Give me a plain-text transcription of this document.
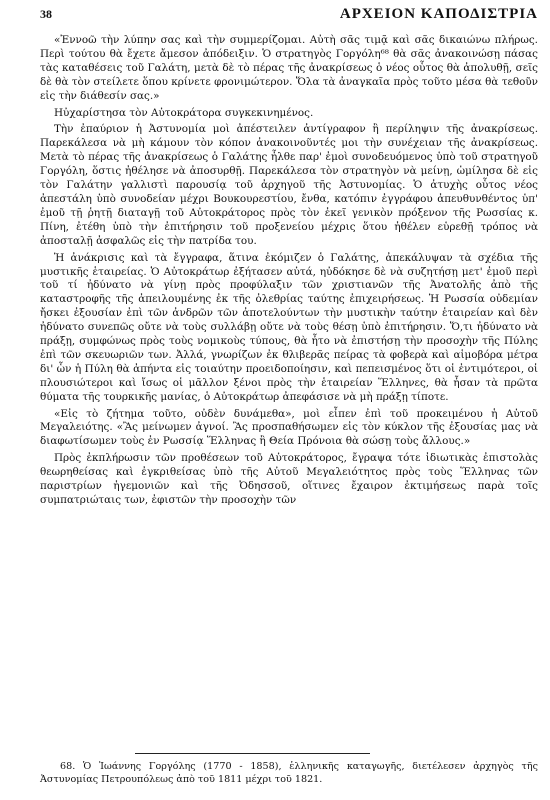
38	ΑΡΧΕΙΟΝ ΚΑΠΟΔΙΣΤΡΙΑ

«Ἐννοῶ τὴν λύπην σας καὶ τὴν συμμερίζομαι. Αὐτὴ σᾶς τιμᾷ καὶ σᾶς δικαιώνω πλήρως. Περὶ τούτου θὰ ἔχετε ἄμεσον ἀπόδειξιν. Ὁ στρατηγὸς Γοργόλη⁶⁸ θὰ σᾶς ἀνακοινώσῃ πάσας τὰς καταθέσεις τοῦ Γαλάτη, μετὰ δὲ τὸ πέρας τῆς ἀνακρίσεως ὁ νέος οὗτος θὰ ἀπολυθῇ, σεῖς δὲ θὰ τὸν στείλετε ὅπου κρίνετε φρονιμώτερον. Ὅλα τὰ ἀναγκαῖα πρὸς τοῦτο μέσα θὰ τεθοῦν εἰς τὴν διάθεσίν σας.»

Ηὐχαρίστησα τὸν Αὐτοκράτορα συγκεκινημένος.

Τὴν ἐπαύριον ἡ Ἀστυνομία μοὶ ἀπέστειλεν ἀντίγραφον ἢ περίληψιν τῆς ἀνακρίσεως. Παρεκάλεσα νὰ μὴ κάμουν τὸν κόπον ἀνακοινοῦντές μοι τὴν συνέχειαν τῆς ἀνακρίσεως. Μετὰ τὸ πέρας τῆς ἀνακρίσεως ὁ Γαλάτης ἦλθε παρ' ἐμοὶ συνοδευόμενος ὑπὸ τοῦ στρατηγοῦ Γοργόλη, ὅστις ἠθέλησε νὰ ἀποσυρθῇ. Παρεκάλεσα τὸν στρατηγὸν νὰ μείνῃ, ὡμίλησα δὲ εἰς τὸν Γαλάτην γαλλιστὶ παρουσίᾳ τοῦ ἀρχηγοῦ τῆς Ἀστυνομίας. Ὁ ἀτυχὴς οὗτος νέος ἀπεστάλη ὑπὸ συνοδείαν μέχρι Βουκουρεστίου, ἔνθα, κατόπιν ἐγγράφου ἀπευθυνθέντος ὑπ' ἐμοῦ τῇ ῥητῇ διαταγῇ τοῦ Αὐτοκράτορος πρὸς τὸν ἐκεῖ γενικὸν πρόξενον τῆς Ρωσσίας κ. Πίνη, ἐτέθη ὑπὸ τὴν ἐπιτήρησιν τοῦ προξενείου μέχρις ὅτου ἠθέλεν εὑρεθῇ τρόπος νὰ ἀποσταλῇ ἀσφαλῶς εἰς τὴν πατρίδα του.

Ἡ ἀνάκρισις καὶ τὰ ἔγγραφα, ἅτινα ἐκόμιζεν ὁ Γαλάτης, ἀπεκάλυψαν τὰ σχέδια τῆς μυστικῆς ἑταιρείας. Ὁ Αὐτοκράτωρ ἐξήτασεν αὐτά, ηὐδόκησε δὲ νὰ συζητήσῃ μετ' ἐμοῦ περὶ τοῦ τί ἠδύνατο νὰ γίνῃ πρὸς προφύλαξιν τῶν χριστιανῶν τῆς Ἀνατολῆς ἀπὸ τῆς καταστροφῆς τῆς ἀπειλουμένης ἐκ τῆς ὀλεθρίας ταύτης ἐπιχειρήσεως. Ἡ Ρωσσία οὐδεμίαν ἤσκει ἐξουσίαν ἐπὶ τῶν ἀνδρῶν τῶν ἀποτελούντων τὴν μυστικὴν ταύτην ἑταιρείαν καὶ δὲν ἠδύνατο συνεπῶς οὔτε νὰ τοὺς συλλάβῃ οὔτε νὰ τοὺς θέσῃ ὑπὸ ἐπιτήρησιν. Ὅ,τι ἠδύνατο νὰ πράξῃ, συμφώνως πρὸς τοὺς νομικοὺς τύπους, θὰ ἦτο νὰ ἐπιστήσῃ τὴν προσοχὴν τῆς Πύλης ἐπὶ τῶν σκευωριῶν των. Ἀλλά, γνωρίζων ἐκ θλιβερᾶς πείρας τὰ φοβερὰ καὶ αἱμοβόρα μέτρα δι' ὧν ἡ Πύλη θὰ ἀπήντα εἰς τοιαύτην προειδοποίησιν, καὶ πεπεισμένος ὅτι οἱ ἐντιμότεροι, οἱ πλουσιώτεροι καὶ ἴσως οἱ μᾶλλον ξένοι πρὸς τὴν ἑταιρείαν Ἕλληνες, θὰ ἦσαν τὰ πρῶτα θύματα τῆς τουρκικῆς μανίας, ὁ Αὐτοκράτωρ ἀπεφάσισε νὰ μὴ πράξῃ τίποτε.

«Εἰς τὸ ζήτημα τοῦτο, οὐδὲν δυνάμεθα», μοὶ εἶπεν ἐπὶ τοῦ προκειμένου ἡ Αὐτοῦ Μεγαλειότης. «Ἂς μείνωμεν ἀγνοί. Ἂς προσπαθήσωμεν εἰς τὸν κύκλον τῆς ἐξουσίας μας νὰ διαφωτίσωμεν τοὺς ἐν Ρωσσίᾳ Ἕλληνας ἢ Θεία Πρόνοια θὰ σώσῃ τοὺς ἄλλους.»

Πρὸς ἐκπλήρωσιν τῶν προθέσεων τοῦ Αὐτοκράτορος, ἔγραψα τότε ἰδιωτικὰς ἐπιστολὰς θεωρηθείσας καὶ ἐγκριθείσας ὑπὸ τῆς Αὐτοῦ Μεγαλειότητος πρὸς τοὺς Ἕλληνας τῶν παριστρίων ἡγεμονιῶν καὶ τῆς Ὀδησσοῦ, οἵτινες ἔχαιρον ἐκτιμήσεως παρὰ τοῖς συμπατριώταις των, ἐφιστῶν τὴν προσοχὴν τῶν

68. Ὁ Ἰωάννης Γοργόλης (1770 - 1858), ἑλληνικῆς καταγωγῆς, διετέλεσεν ἀρχηγὸς τῆς Ἀστυνομίας Πετρουπόλεως ἀπὸ τοῦ 1811 μέχρι τοῦ 1821.
